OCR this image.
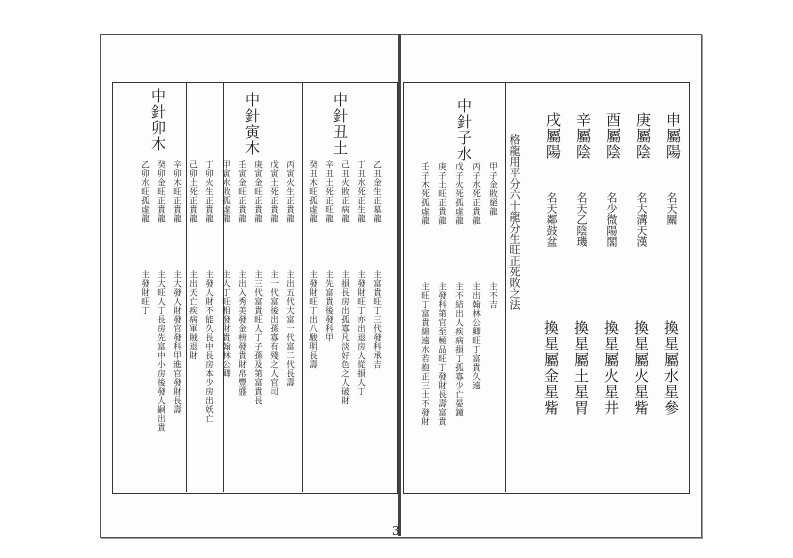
申屬陽
名天關
換星屬水星參
庚屬陰
名大溝天漢
換星屬火星觜
酉屬陰
名少微陽閣
換星屬火星井
辛屬陰
名天乙陰璣
換星屬土星胃
戌屬陽
名天鄰鼓盆
換星屬金星觜
格龍用平分六十龍分生旺正死敗之法
中針子水
甲子金敗絕龍
丙子水死正貴龍
戊子火死孤虛龍
庚子土旺正貴龍
壬子木死孤虛龍
主不吉
主出翰林公卿旺丁富貴久遠
主不結出人疾病損丁孤寡少亡晏鐘
主發科第官至極品旺丁發財長壽富貴
主旺丁富貴綿遠水若抱正三士不發財
中針丑土
乙丑金生正墓龍
丁丑水死正生龍
己丑火敗正病龍
辛丑土死正旺龍
癸丑木旺孤虛龍
主富貴旺丁三代發科承吉
主發財旺丁亦出退房人從損人丁
主損長房出孤寡凡淡好色之人破財
主先富貴後發科甲
主發財旺丁出八駿明長壽
中針寅木
丙寅火生正貴龍
戊寅土死正貴龍
庚寅金旺正貴龍
壬寅金旺正貴龍
甲寅水敗孤虛龍
主出五代大富一代富二代長壽
主一代富後出孫寡有殘之人官司
主三代富貴旺人丁子孫及第富貴長
主出入秀美發金榜發貴財帛豐盛
主人丁旺相發財貴翰林公卿
中針卯木
丁卯火生正貴龍
己卯土死正貴龍
辛卯木旺正貴龍
癸卯金旺正貴龍
乙卯水旺孤虛龍
主發人財不能久長中長房本少房出妖亡
主出天亡疾病軍賊退財
主大發人財發官發科甲進官發財長壽
主大旺人丁長房先富中小房後發人嗣出貴
主發財旺丁
3
